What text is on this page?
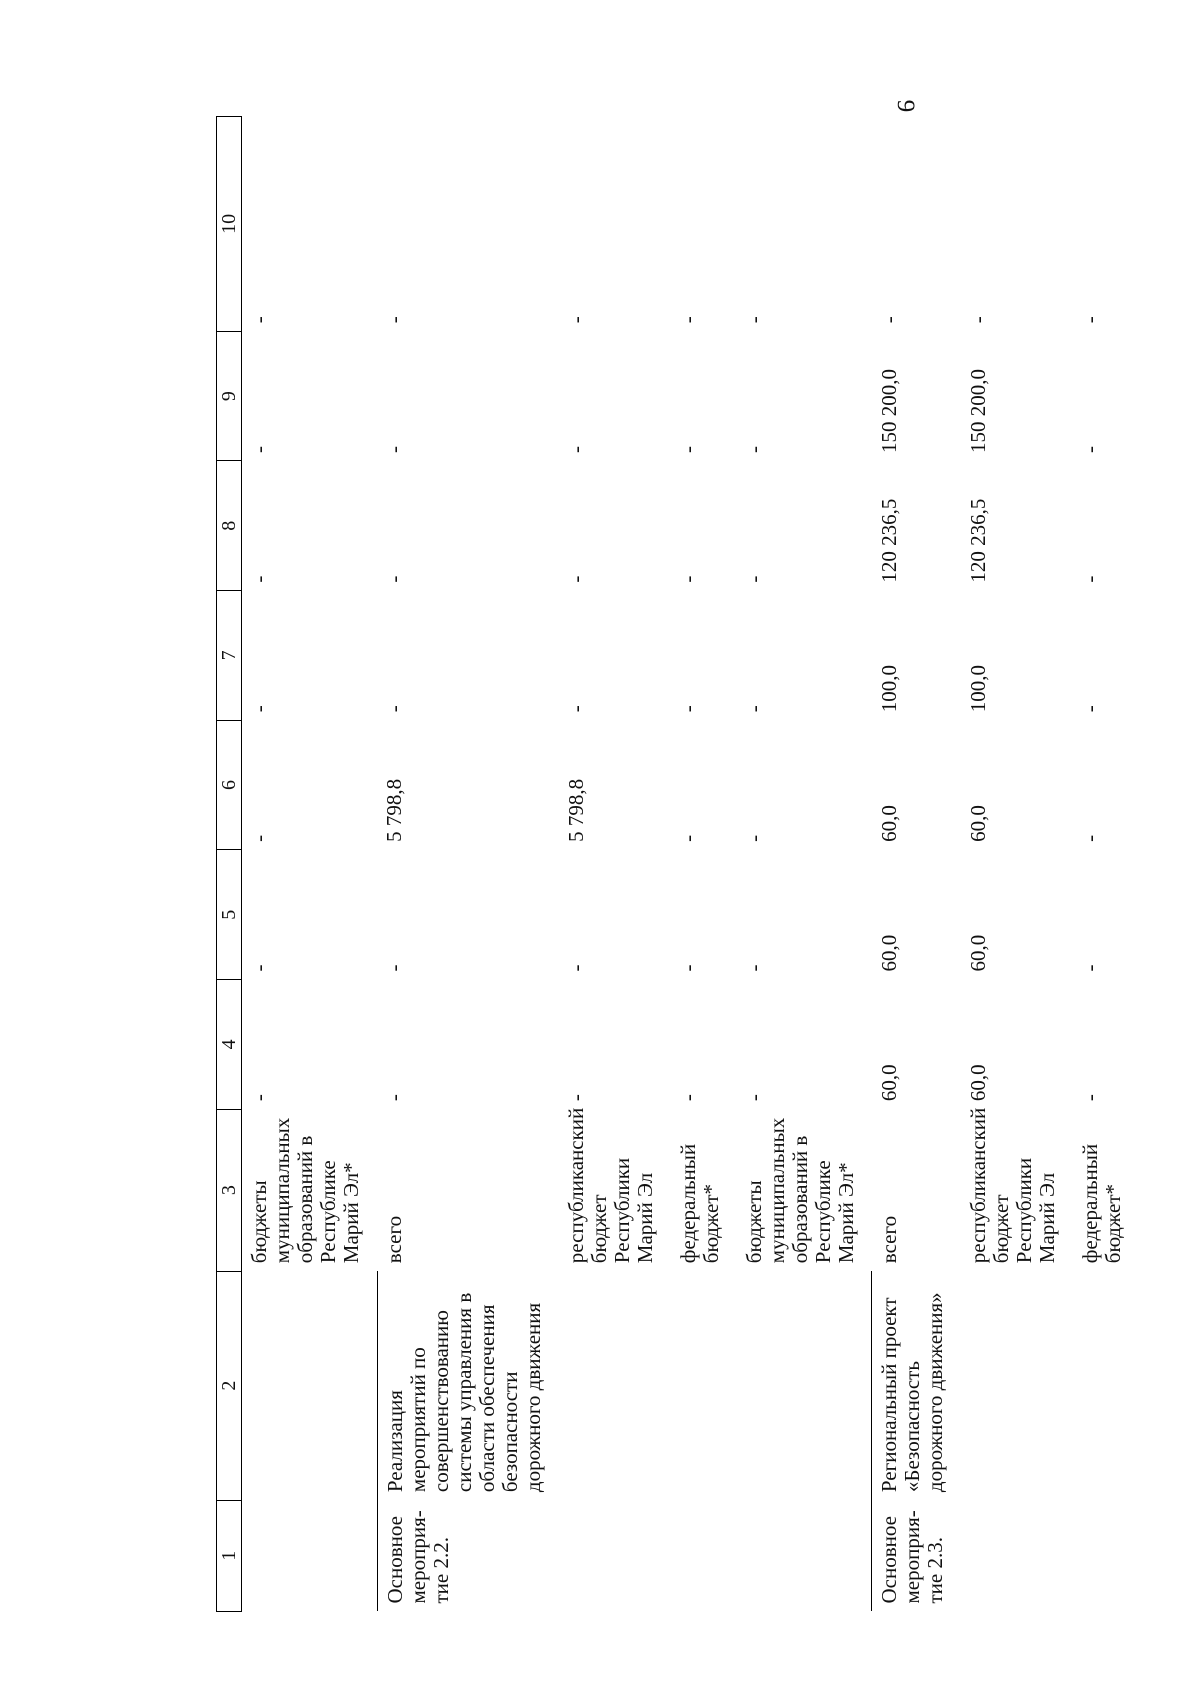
9
1	2	3	4	5	6	7	8	9	10
		бюджеты муниципальных образований в Республике Марий Эл*	-	-	-	-	-	-	-
Основное мероприя-тие 2.2.	Реализация мероприятий по совершенствованию системы управления в области обеспечения безопасности дорожного движения	всего	-	-	5 798,8	-	-	-	-
		республиканский бюджет Республики Марий Эл	-	-	5 798,8	-	-	-	-
		федеральный бюджет*	-	-	-	-	-	-	-
		бюджеты муниципальных образований в Республике Марий Эл*	-	-	-	-	-	-	-
Основное мероприя-тие 2.3.	Региональный проект «Безопасность дорожного движения»	всего	60,0	60,0	60,0	100,0	120 236,5	150 200,0	-
		республиканский бюджет Республики Марий Эл	60,0	60,0	60,0	100,0	120 236,5	150 200,0	-
		федеральный бюджет*	-	-	-	-	-	-	-
